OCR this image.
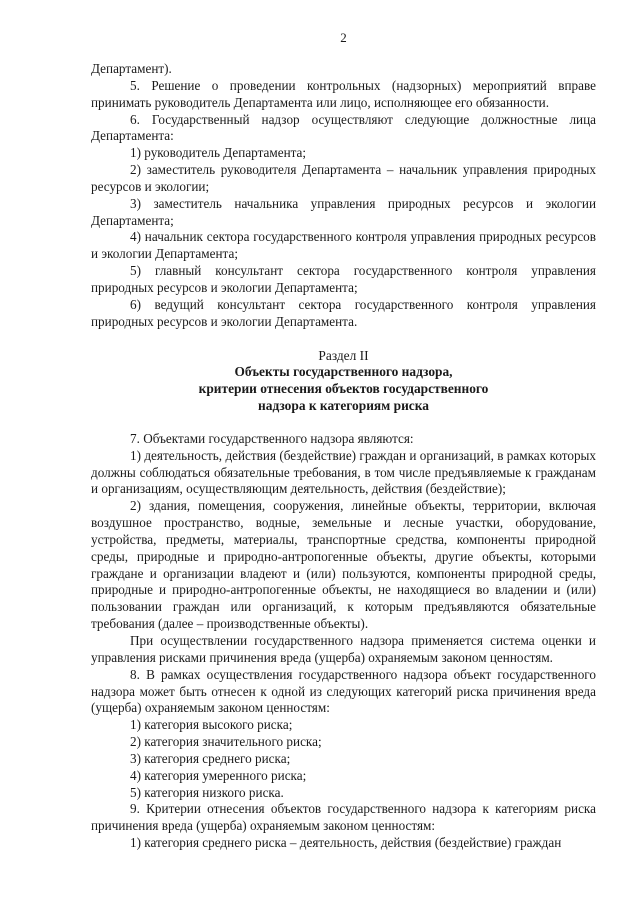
2

Департамент).

5. Решение о проведении контрольных (надзорных) мероприятий вправе принимать руководитель Департамента или лицо, исполняющее его обязанности.

6. Государственный надзор осуществляют следующие должностные лица Департамента:

1) руководитель Департамента;

2) заместитель руководителя Департамента – начальник управления природных ресурсов и экологии;

3) заместитель начальника управления природных ресурсов и экологии Департамента;

4) начальник сектора государственного контроля управления природных ресурсов и экологии Департамента;

5) главный консультант сектора государственного контроля управления природных ресурсов и экологии Департамента;

6) ведущий консультант сектора государственного контроля управления природных ресурсов и экологии Департамента.

Раздел II
Объекты государственного надзора,
критерии отнесения объектов государственного
надзора к категориям риска

7. Объектами государственного надзора являются:

1) деятельность, действия (бездействие) граждан и организаций, в рамках которых должны соблюдаться обязательные требования, в том числе предъявляемые к гражданам и организациям, осуществляющим деятельность, действия (бездействие);

2) здания, помещения, сооружения, линейные объекты, территории, включая воздушное пространство, водные, земельные и лесные участки, оборудование, устройства, предметы, материалы, транспортные средства, компоненты природной среды, природные и природно-антропогенные объекты, другие объекты, которыми граждане и организации владеют и (или) пользуются, компоненты природной среды, природные и природно-антропогенные объекты, не находящиеся во владении и (или) пользовании граждан или организаций, к которым предъявляются обязательные требования (далее – производственные объекты).

При осуществлении государственного надзора применяется система оценки и управления рисками причинения вреда (ущерба) охраняемым законом ценностям.

8. В рамках осуществления государственного надзора объект государственного надзора может быть отнесен к одной из следующих категорий риска причинения вреда (ущерба) охраняемым законом ценностям:

1) категория высокого риска;

2) категория значительного риска;

3) категория среднего риска;

4) категория умеренного риска;

5) категория низкого риска.

9. Критерии отнесения объектов государственного надзора к категориям риска причинения вреда (ущерба) охраняемым законом ценностям:

1) категория среднего риска – деятельность, действия (бездействие) граждан
